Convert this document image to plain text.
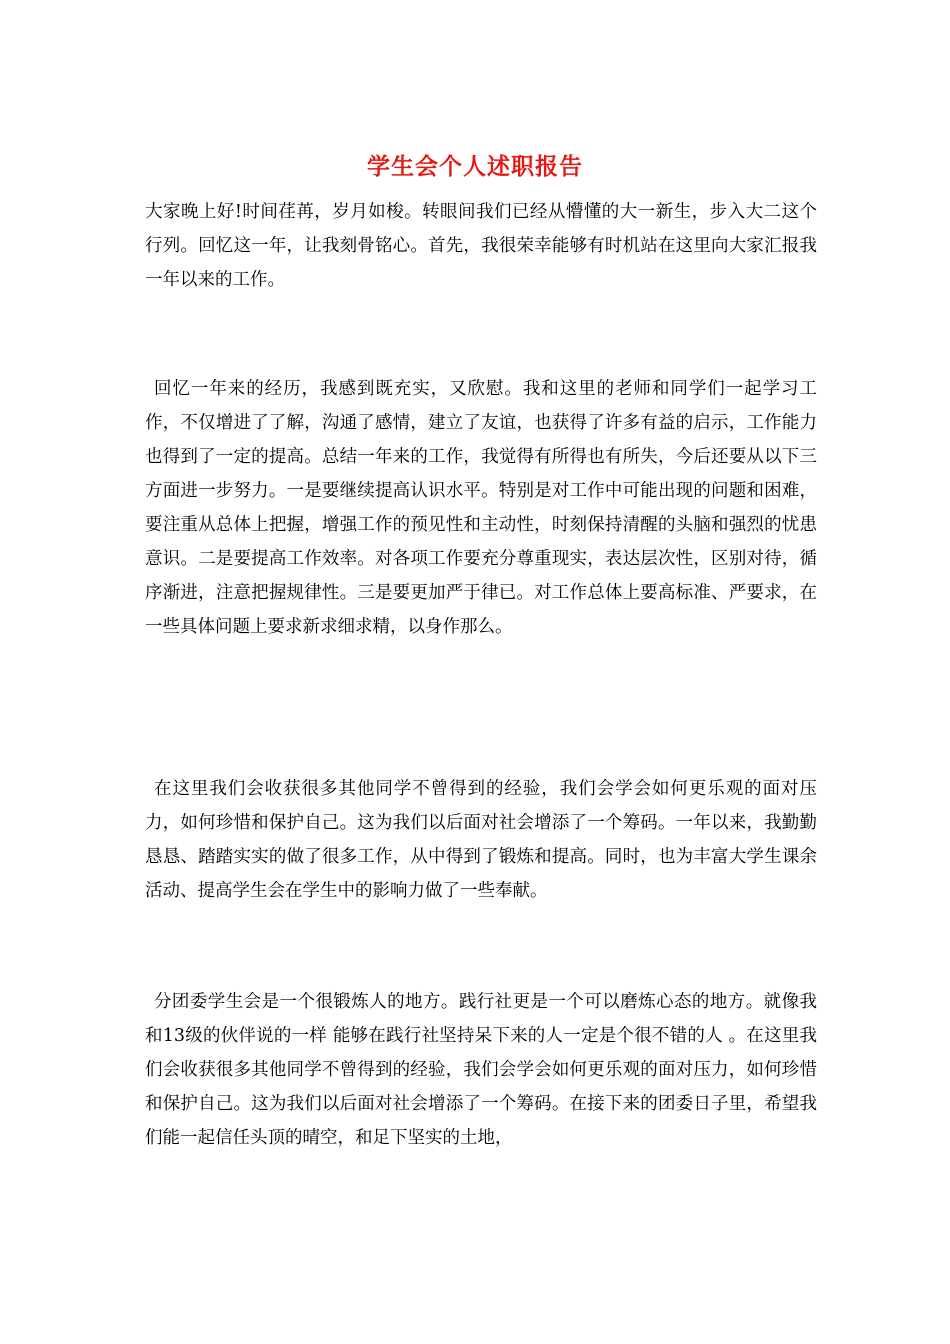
学生会个人述职报告

大家晚上好!时间荏苒，岁月如梭。转眼间我们已经从懵懂的大一新生，步入大二这个行列。回忆这一年，让我刻骨铭心。首先，我很荣幸能够有时机站在这里向大家汇报我一年以来的工作。

回忆一年来的经历，我感到既充实，又欣慰。我和这里的老师和同学们一起学习工作，不仅增进了了解，沟通了感情，建立了友谊，也获得了许多有益的启示，工作能力也得到了一定的提高。总结一年来的工作，我觉得有所得也有所失，今后还要从以下三方面进一步努力。一是要继续提高认识水平。特别是对工作中可能出现的问题和困难，要注重从总体上把握，增强工作的预见性和主动性，时刻保持清醒的头脑和强烈的忧患意识。二是要提高工作效率。对各项工作要充分尊重现实，表达层次性，区别对待，循序渐进，注意把握规律性。三是要更加严于律已。对工作总体上要高标准、严要求，在一些具体问题上要求新求细求精，以身作那么。

在这里我们会收获很多其他同学不曾得到的经验，我们会学会如何更乐观的面对压力，如何珍惜和保护自己。这为我们以后面对社会增添了一个筹码。一年以来，我勤勤恳恳、踏踏实实的做了很多工作，从中得到了锻炼和提高。同时，也为丰富大学生课余活动、提高学生会在学生中的影响力做了一些奉献。

分团委学生会是一个很锻炼人的地方。践行社更是一个可以磨炼心态的地方。就像我和13级的伙伴说的一样 能够在践行社坚持呆下来的人一定是个很不错的人 。在这里我们会收获很多其他同学不曾得到的经验，我们会学会如何更乐观的面对压力，如何珍惜和保护自己。这为我们以后面对社会增添了一个筹码。在接下来的团委日子里，希望我们能一起信任头顶的晴空，和足下坚实的土地，
